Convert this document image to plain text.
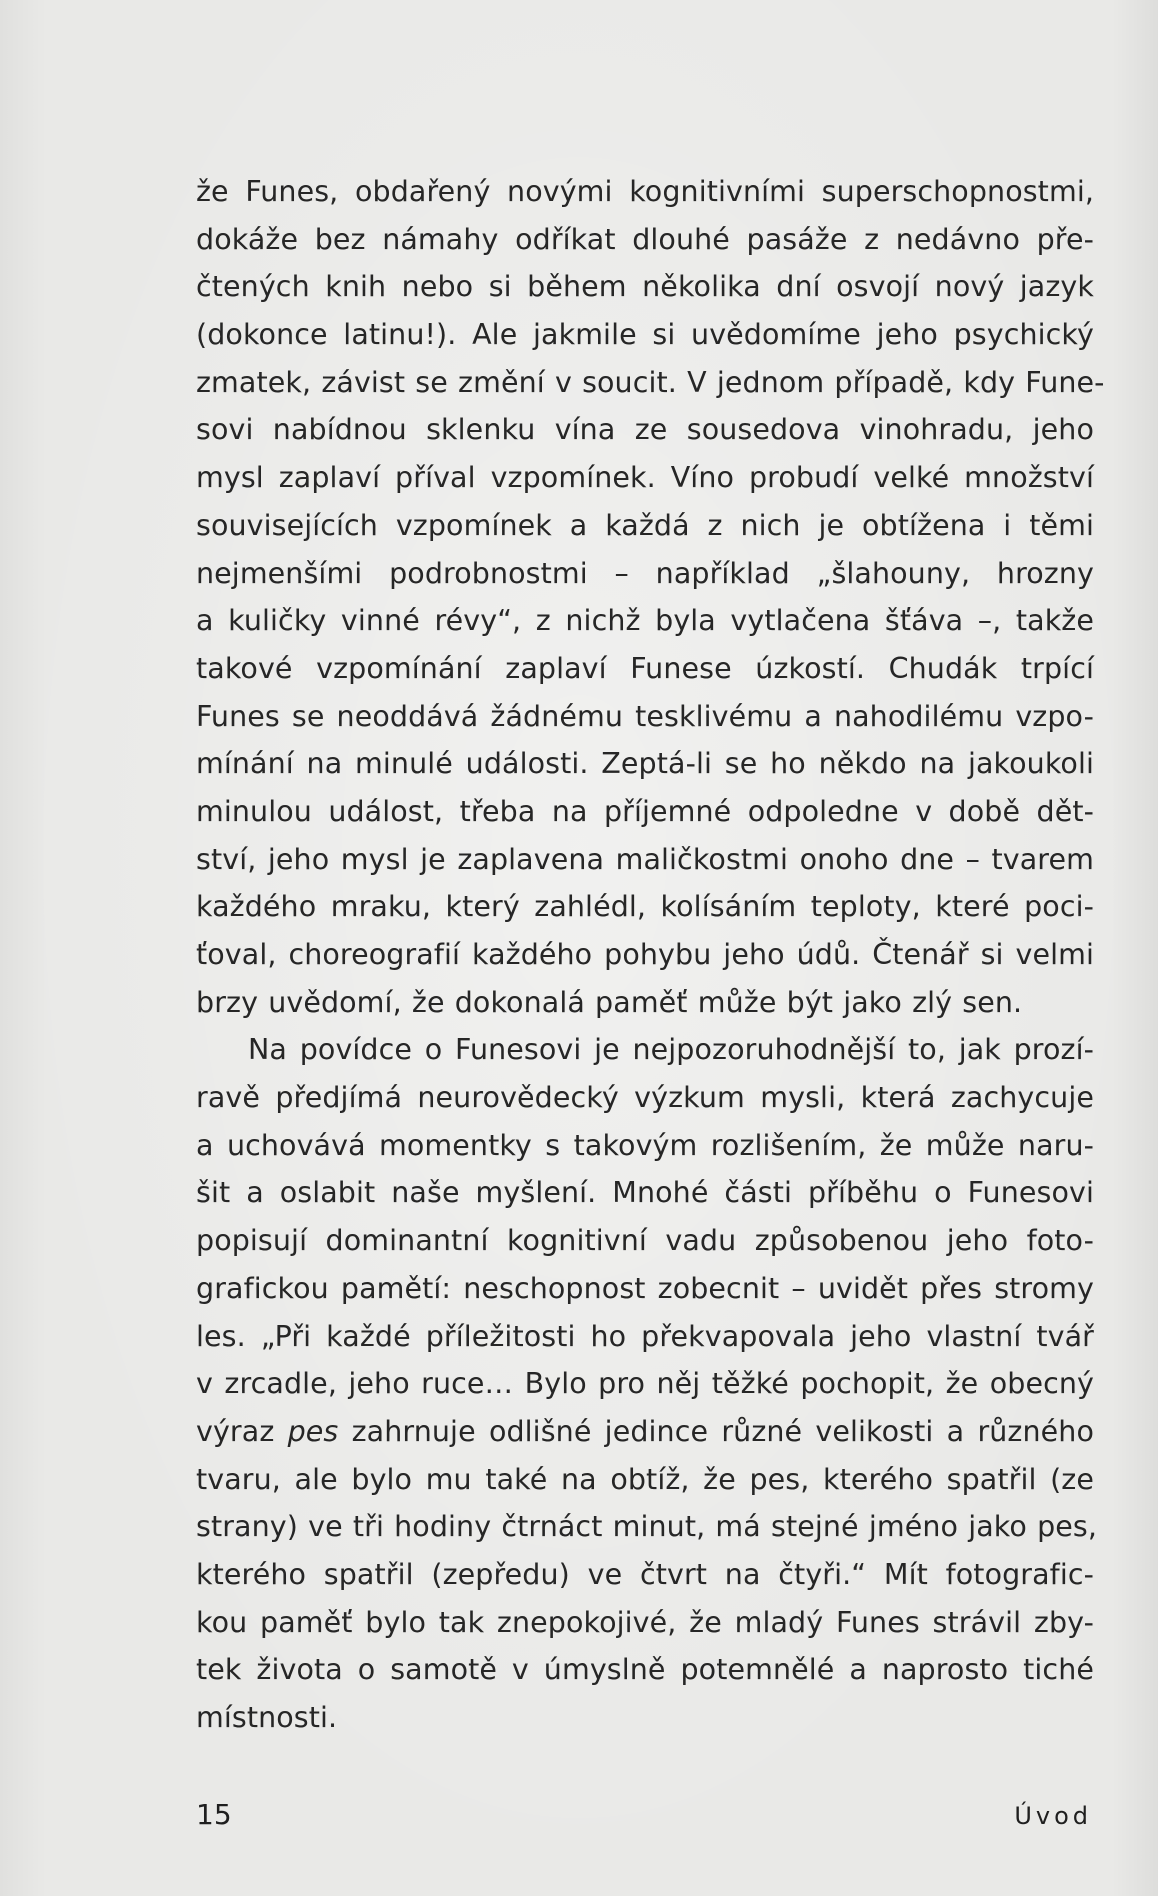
že Funes, obdařený novými kognitivními superschopnostmi,
dokáže bez námahy odříkat dlouhé pasáže z nedávno pře-
čtených knih nebo si během několika dní osvojí nový jazyk
(dokonce latinu!). Ale jakmile si uvědomíme jeho psychický
zmatek, závist se změní v soucit. V jednom případě, kdy Fune-
sovi nabídnou sklenku vína ze sousedova vinohradu, jeho
mysl zaplaví příval vzpomínek. Víno probudí velké množství
souvisejících vzpomínek a každá z nich je obtížena i těmi
nejmenšími podrobnostmi – například „šlahouny, hrozny
a kuličky vinné révy“, z nichž byla vytlačena šťáva –, takže
takové vzpomínání zaplaví Funese úzkostí. Chudák trpící
Funes se neoddává žádnému tesklivému a nahodilému vzpo-
mínání na minulé události. Zeptá-li se ho někdo na jakoukoli
minulou událost, třeba na příjemné odpoledne v době dět-
ství, jeho mysl je zaplavena maličkostmi onoho dne – tvarem
každého mraku, který zahlédl, kolísáním teploty, které poci-
ťoval, choreografií každého pohybu jeho údů. Čtenář si velmi
brzy uvědomí, že dokonalá paměť může být jako zlý sen.
Na povídce o Funesovi je nejpozoruhodnější to, jak prozí-
ravě předjímá neurovědecký výzkum mysli, která zachycuje
a uchovává momentky s takovým rozlišením, že může naru-
šit a oslabit naše myšlení. Mnohé části příběhu o Funesovi
popisují dominantní kognitivní vadu způsobenou jeho foto-
grafickou pamětí: neschopnost zobecnit – uvidět přes stromy
les. „Při každé příležitosti ho překvapovala jeho vlastní tvář
v zrcadle, jeho ruce… Bylo pro něj těžké pochopit, že obecný
výraz pes zahrnuje odlišné jedince různé velikosti a různého
tvaru, ale bylo mu také na obtíž, že pes, kterého spatřil (ze
strany) ve tři hodiny čtrnáct minut, má stejné jméno jako pes,
kterého spatřil (zepředu) ve čtvrt na čtyři.“ Mít fotografic-
kou paměť bylo tak znepokojivé, že mladý Funes strávil zby-
tek života o samotě v úmyslně potemnělé a naprosto tiché
místnosti.
15	Úvod
